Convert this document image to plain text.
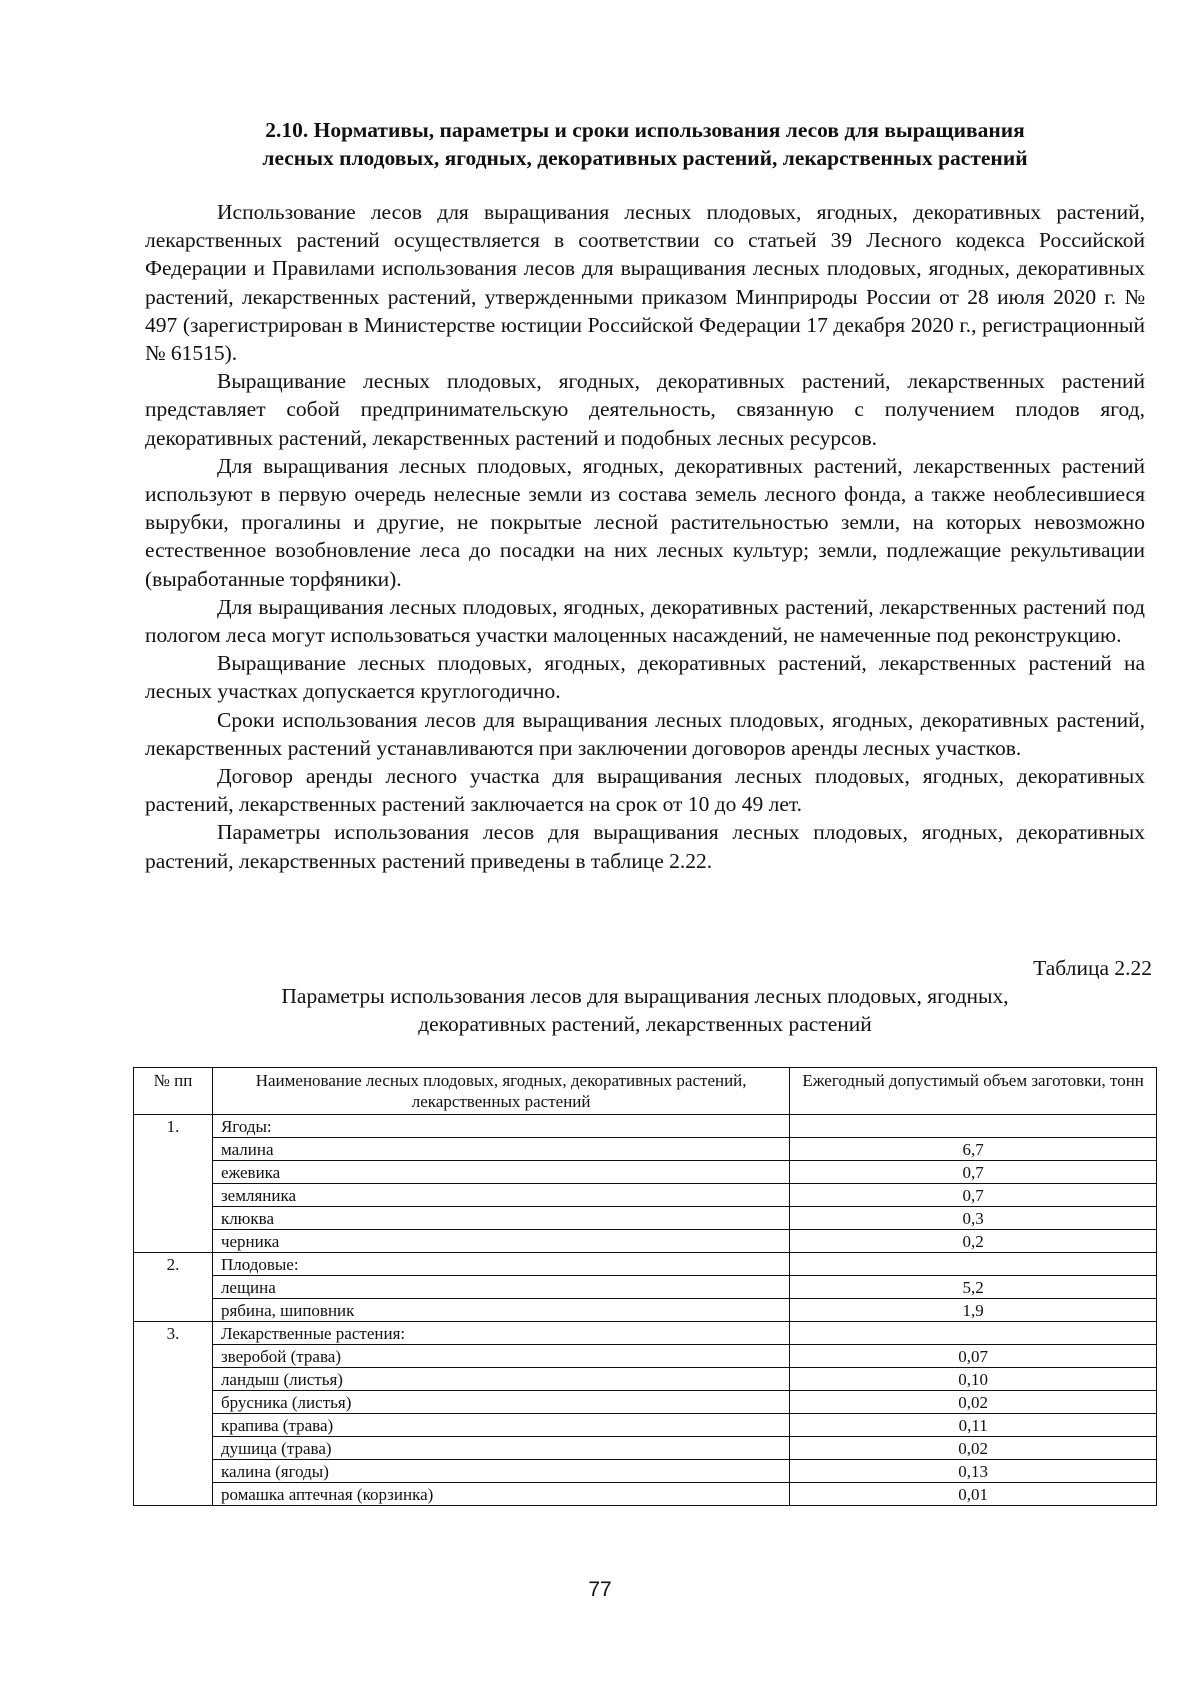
2.10. Нормативы, параметры и сроки использования лесов для выращивания
лесных плодовых, ягодных, декоративных растений, лекарственных растений

Использование лесов для выращивания лесных плодовых, ягодных, декоративных растений, лекарственных растений осуществляется в соответствии со статьей 39 Лесного кодекса Российской Федерации и Правилами использования лесов для выращивания лесных плодовых, ягодных, декоративных растений, лекарственных растений, утвержденными приказом Минприроды России от 28 июля 2020 г. № 497 (зарегистрирован в Министерстве юстиции Российской Федерации 17 декабря 2020 г., регистрационный № 61515).

Выращивание лесных плодовых, ягодных, декоративных растений, лекарственных растений представляет собой предпринимательскую деятельность, связанную с получением плодов ягод, декоративных растений, лекарственных растений и подобных лесных ресурсов.

Для выращивания лесных плодовых, ягодных, декоративных растений, лекарственных растений используют в первую очередь нелесные земли из состава земель лесного фонда, а также необлесившиеся вырубки, прогалины и другие, не покрытые лесной растительностью земли, на которых невозможно естественное возобновление леса до посадки на них лесных культур; земли, подлежащие рекультивации (выработанные торфяники).

Для выращивания лесных плодовых, ягодных, декоративных растений, лекарственных растений под пологом леса могут использоваться участки малоценных насаждений, не намеченные под реконструкцию.

Выращивание лесных плодовых, ягодных, декоративных растений, лекарственных растений на лесных участках допускается круглогодично.

Сроки использования лесов для выращивания лесных плодовых, ягодных, декоративных растений, лекарственных растений устанавливаются при заключении договоров аренды лесных участков.

Договор аренды лесного участка для выращивания лесных плодовых, ягодных, декоративных растений, лекарственных растений заключается на срок от 10 до 49 лет.

Параметры использования лесов для выращивания лесных плодовых, ягодных, декоративных растений, лекарственных растений приведены в таблице 2.22.

Таблица 2.22
Параметры использования лесов для выращивания лесных плодовых, ягодных,
декоративных растений, лекарственных растений
№ пп	Наименование лесных плодовых, ягодных, декоративных растений, лекарственных растений	Ежегодный допустимый объем заготовки, тонн
1.	Ягоды:	
	малина	6,7
	ежевика	0,7
	земляника	0,7
	клюква	0,3
	черника	0,2
2.	Плодовые:	
	лещина	5,2
	рябина, шиповник	1,9
3.	Лекарственные растения:	
	зверобой (трава)	0,07
	ландыш (листья)	0,10
	брусника (листья)	0,02
	крапива (трава)	0,11
	душица (трава)	0,02
	калина (ягоды)	0,13
	ромашка аптечная (корзинка)	0,01
77
